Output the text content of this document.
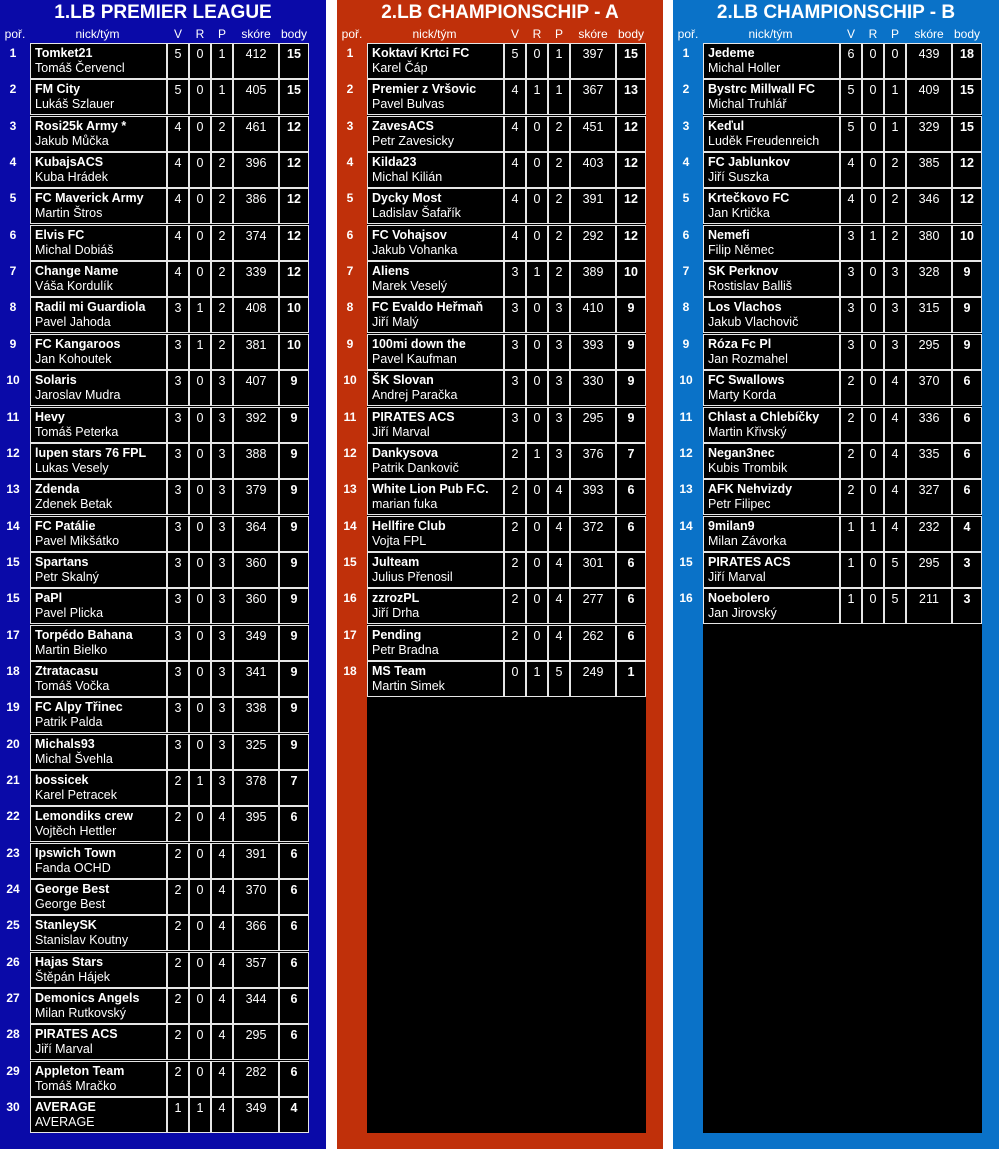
1.LB PREMIER LEAGUE
poř.	nick/tým	V	R	P	skóre body
1	Tomket21
Tomáš Červencl
5	0	1	412	15
2	FM City
Lukáš Szlauer
5	0	1	405	15
3	Rosi25k Army *
Jakub Můčka
4	0	2	461	12
4	KubajsACS
Kuba Hrádek
4	0	2	396	12
5	FC Maverick Army
Martin Štros
4	0	2	386	12
6	Elvis FC
Michal Dobiáš
4	0	2	374	12
7	Change Name
Váša Kordulík
4	0	2	339	12
8	Radil mi Guardiola
Pavel Jahoda
3	1	2	408	10
9	FC Kangaroos
Jan Kohoutek
3	1	2	381	10
10	Solaris
Jaroslav Mudra
3	0	3	407	9
11	Hevy
Tomáš Peterka
3	0	3	392	9
12	lupen stars 76 FPL
Lukas Vesely
3	0	3	388	9
13	Zdenda
Zdenek Betak
3	0	3	379	9
14	FC Patálie
Pavel Mikšátko
3	0	3	364	9
15	Spartans
Petr Skalný
3	0	3	360	9
15	PaPl
Pavel Plicka
3	0	3	360	9
17	Torpédo Bahana
Martin Bielko
3	0	3	349	9
18	Ztratacasu
Tomáš Vočka
3	0	3	341	9
19	FC Alpy Třinec
Patrik Palda
3	0	3	338	9
20	Michals93
Michal Švehla
3	0	3	325	9
21	bossicek
Karel Petracek
2	1	3	378	7
22	Lemondiks crew
Vojtěch Hettler
2	0	4	395	6
23	Ipswich Town
Fanda OCHD
2	0	4	391	6
24	George Best
George Best
2	0	4	370	6
25	StanleySK
Stanislav Koutny
2	0	4	366	6
26	Hajas Stars
Štěpán Hájek
2	0	4	357	6
27	Demonics Angels
Milan Rutkovský
2	0	4	344	6
28	PIRATES ACS
Jiří Marval
2	0	4	295	6
29	Appleton Team
Tomáš Mračko
2	0	4	282	6
30	AVERAGE
AVERAGE
1	1	4	349	4
2.LB CHAMPIONSCHIP - A
poř.	nick/tým	V	R	P	skóre body
1	Koktaví Krtci FC
Karel Čáp
5	0	1	397	15
2	Premier z Vršovic
Pavel Bulvas
4	1	1	367	13
3	ZavesACS
Petr Zavesicky
4	0	2	451	12
4	Kilda23
Michal Kilián
4	0	2	403	12
5	Dycky Most
Ladislav Šafařík
4	0	2	391	12
6	FC Vohajsov
Jakub Vohanka
4	0	2	292	12
7	Aliens
Marek Veselý
3	1	2	389	10
8	FC Evaldo Heřmaň
Jiří Malý
3	0	3	410	9
9	100mi down the
Pavel Kaufman
3	0	3	393	9
10	ŠK Slovan
Andrej Paračka
3	0	3	330	9
11	PIRATES ACS
Jiří Marval
3	0	3	295	9
12	Dankysova
Patrik Dankovič
2	1	3	376	7
13	White Lion Pub F.C.
marian fuka
2	0	4	393	6
14	Hellfire Club
Vojta FPL
2	0	4	372	6
15	Julteam
Julius Přenosil
2	0	4	301	6
16	zzrozPL
Jiří Drha
2	0	4	277	6
17	Pending
Petr Bradna
2	0	4	262	6
18	MS Team
Martin Simek
0	1	5	249	1
2.LB CHAMPIONSCHIP - B
poř.	nick/tým	V	R	P	skóre body
1	Jedeme
Michal Holler
6	0	0	439	18
2	Bystrc Millwall FC
Michal Truhlář
5	0	1	409	15
3	Keďul
Luděk Freudenreich
5	0	1	329	15
4	FC Jablunkov
Jiří Suszka
4	0	2	385	12
5	Krtečkovo FC
Jan Krtička
4	0	2	346	12
6	Nemefi
Filip Němec
3	1	2	380	10
7	SK Perknov
Rostislav Balliš
3	0	3	328	9
8	Los Vlachos
Jakub Vlachovič
3	0	3	315	9
9	Róza Fc Pl
Jan Rozmahel
3	0	3	295	9
10	FC Swallows
Marty Korda
2	0	4	370	6
11	Chlast a Chlebíčky
Martin Křivský
2	0	4	336	6
12	Negan3nec
Kubis Trombik
2	0	4	335	6
13	AFK Nehvizdy
Petr Filipec
2	0	4	327	6
14	9milan9
Milan Závorka
1	1	4	232	4
15	PIRATES ACS
Jiří Marval
1	0	5	295	3
16	Noebolero
Jan Jirovský
1	0	5	211	3
